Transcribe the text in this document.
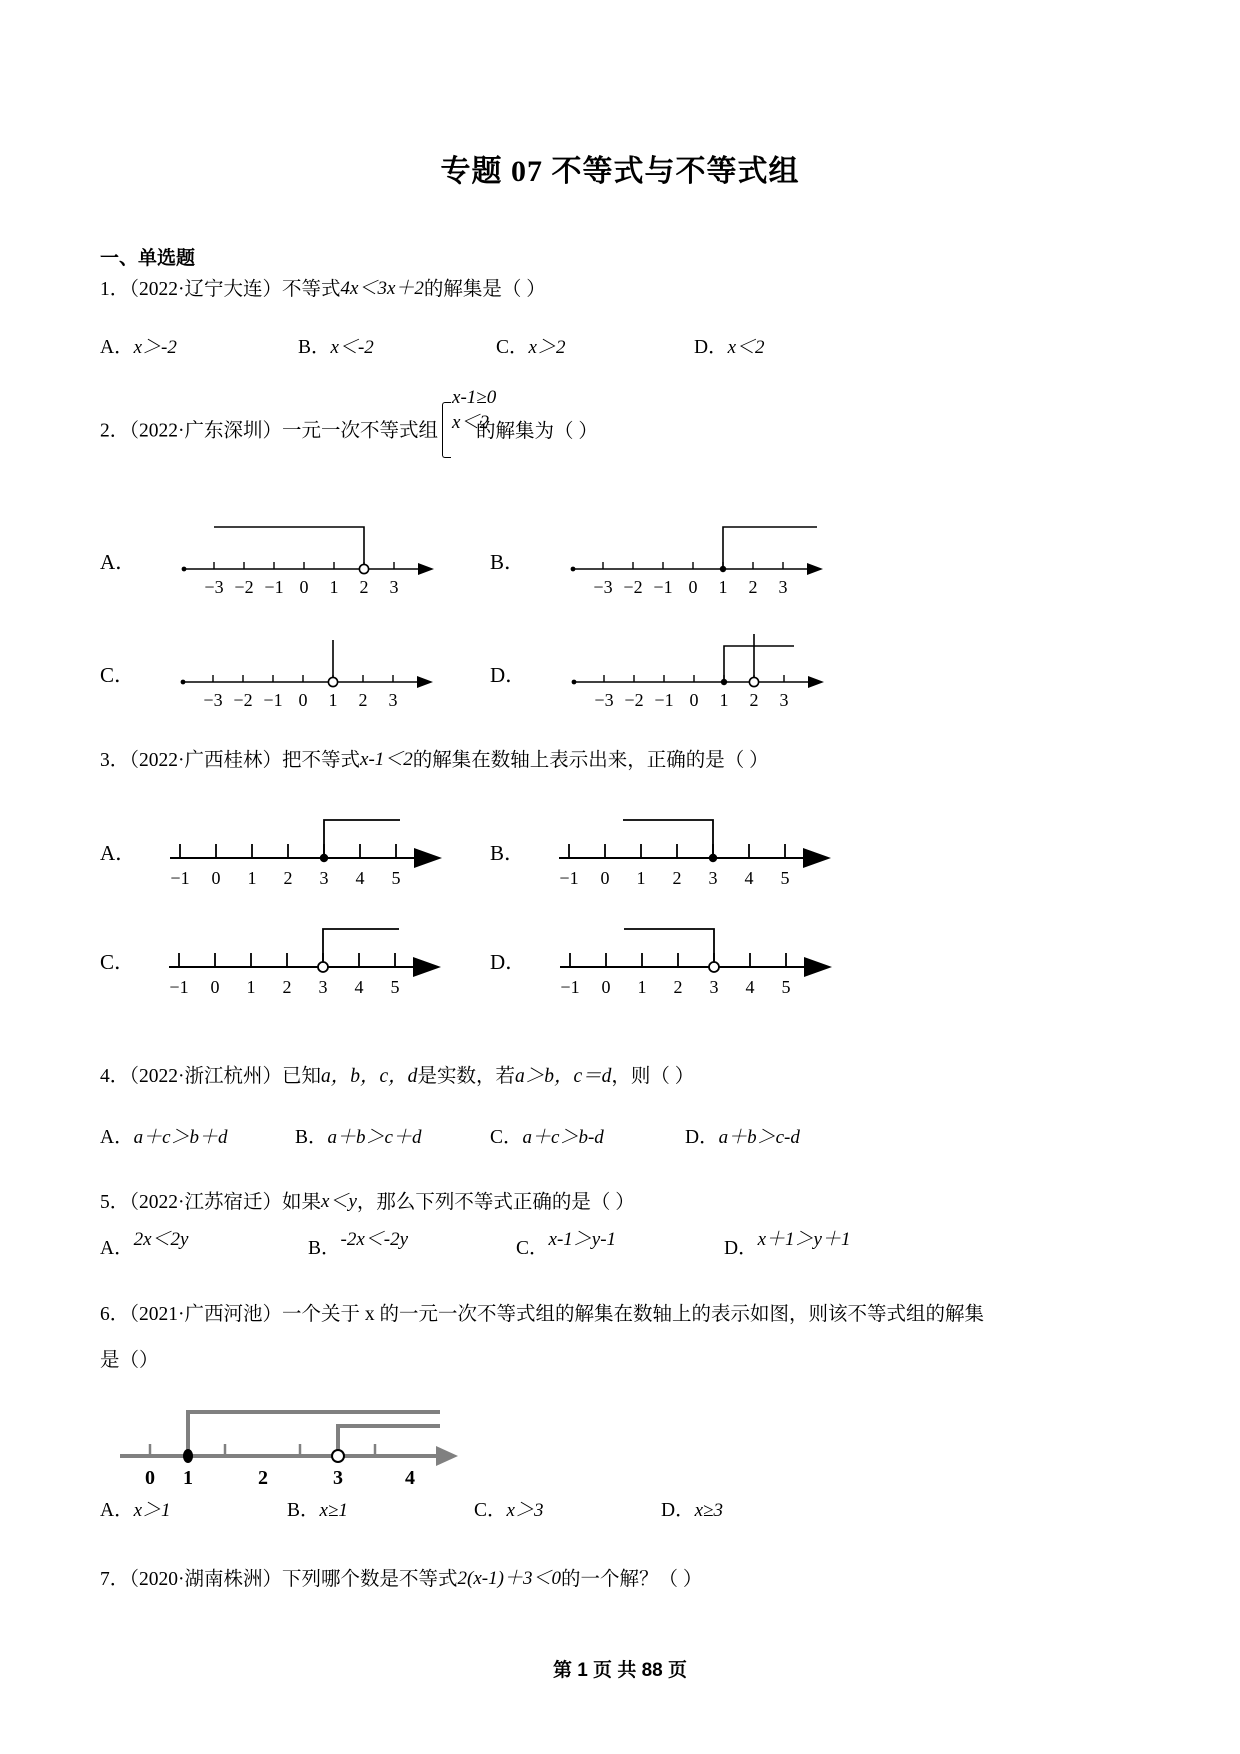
专题 07 不等式与不等式组
一、单选题
1．（2022·辽宁大连）不等式4x＜3x＋2的解集是（ ）
A．x＞-2	B．x＜-2	C．x＞2	D．x＜2
2．（2022·广东深圳）一元一次不等式组
x-1≥0
x＜2
的解集为（ ）
A．
−3 −2 −1 0 1 2 3
B．
−3 −2 −1 0 1 2 3
C．
−3 −2 −1 0 1 2 3
D．
−3 −2 −1 0 1 2 3
3．（2022·广西桂林）把不等式x-1＜2的解集在数轴上表示出来，正确的是（ ）
A．
−1 0 1 2 3 4 5
B．
−1 0 1 2 3 4 5
C．
−1 0 1 2 3 4 5
D．
−1 0 1 2 3 4 5
4．（2022·浙江杭州）已知a，b，c，d是实数，若a＞b，c＝d，则（ ）
A．a＋c＞b＋d	B．a＋b＞c＋d	C．a＋c＞b-d	D．a＋b＞c-d
5．（2022·江苏宿迁）如果x＜y，那么下列不等式正确的是（ ）
A．2x＜2y	B．-2x＜-2y	C．x-1＞y-1	D．x＋1＞y＋1
6．（2021·广西河池）一个关于 x 的一元一次不等式组的解集在数轴上的表示如图，则该不等式组的解集
是（）
0 1	2	3	4
A．x＞1	B．x≥1	C．x＞3	D．x≥3
7．（2020·湖南株洲）下列哪个数是不等式2(x-1)＋3＜0的一个解？（ ）
第 1 页 共 88 页
